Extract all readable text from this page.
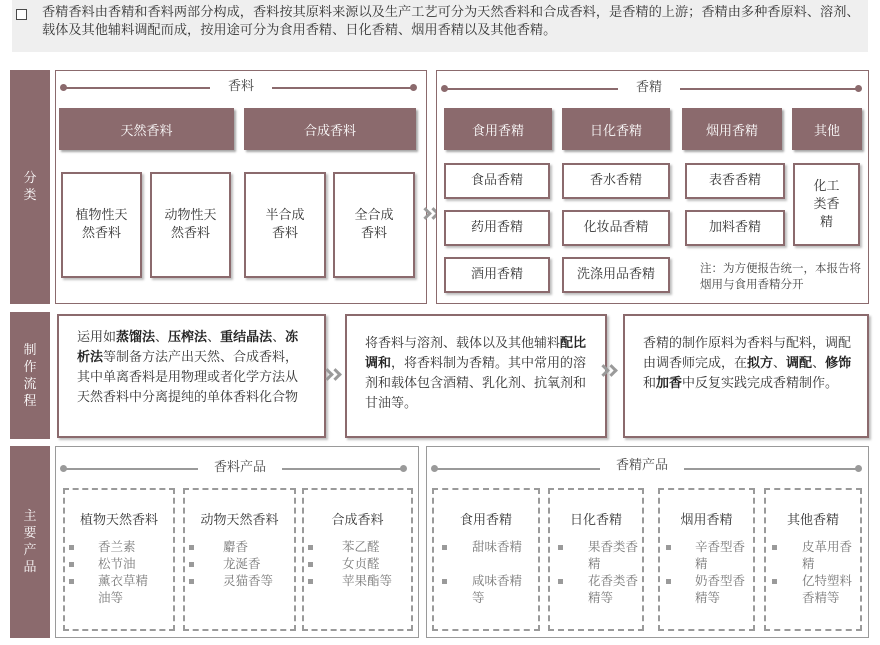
香精香料由香精和香料两部分构成，香料按其原料来源以及生产工艺可分为天然香料和合成香料，是香精的上游；香精由多种香原料、溶剂、载体及其他辅料调配而成，按用途可分为食用香精、日化香精、烟用香精以及其他香精。
分
类
制
作
流
程
主
要
产
品
香料
天然香料	合成香料
植物性天然香料
动物性天然香料
半合成香料
全合成香料
香精
食用香精	日化香精	烟用香精	其他
食品香精
药用香精
酒用香精
香水香精
化妆品香精
洗涤用品香精
表香香精
加料香精
化工类香精
注：为方便报告统一，本报告将烟用与食用香精分开
运用如蒸馏法、压榨法、重结晶法、冻析法等制备方法产出天然、合成香料，其中单离香料是用物理或者化学方法从天然香料中分离提纯的单体香料化合物
将香料与溶剂、载体以及其他辅料配比调和，将香料制为香精。其中常用的溶剂和载体包含酒精、乳化剂、抗氧剂和甘油等。
香精的制作原料为香料与配料，调配由调香师完成，在拟方、调配、修饰和加香中反复实践完成香精制作。
香料产品
植物天然香料
香兰素
松节油
薰衣草精油等
动物天然香料
麝香
龙涎香
灵猫香等
合成香料
苯乙醛
女贞醛
苹果酯等
香精产品
食用香精
甜味香精
咸味香精等
日化香精
果香类香精
花香类香精等
烟用香精
辛香型香精
奶香型香精等
其他香精
皮革用香精
亿特塑料香精等
